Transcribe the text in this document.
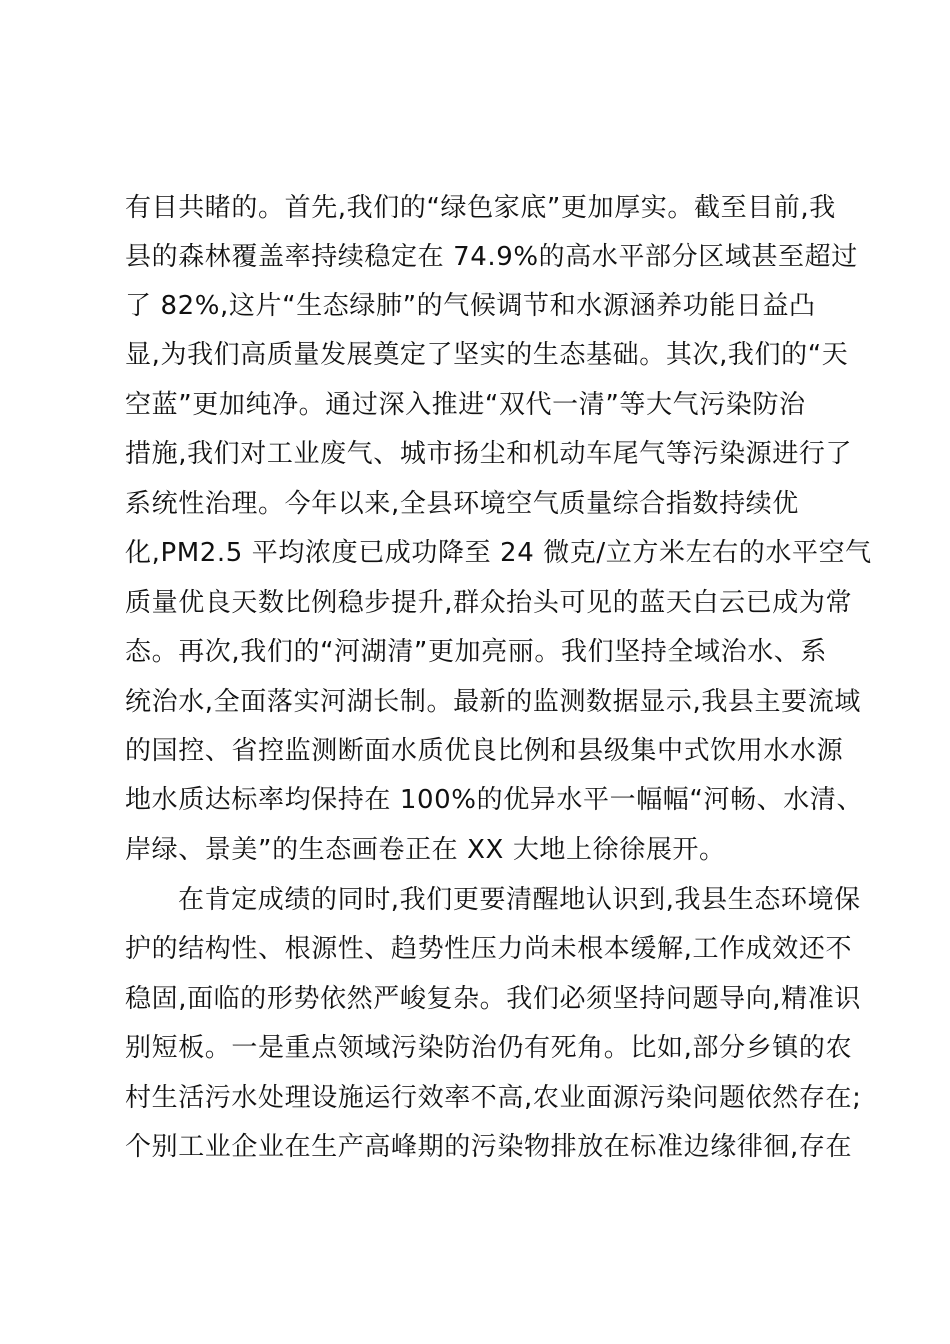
有目共睹的。首先,我们的“绿色家底”更加厚实。截至目前,我
县的森林覆盖率持续稳定在 74.9%的高水平部分区域甚至超过
了 82%,这片“生态绿肺”的气候调节和水源涵养功能日益凸
显,为我们高质量发展奠定了坚实的生态基础。其次,我们的“天
空蓝”更加纯净。通过深入推进“双代一清”等大气污染防治
措施,我们对工业废气、城市扬尘和机动车尾气等污染源进行了
系统性治理。今年以来,全县环境空气质量综合指数持续优
化,PM2.5 平均浓度已成功降至 24 微克/立方米左右的水平空气
质量优良天数比例稳步提升,群众抬头可见的蓝天白云已成为常
态。再次,我们的“河湖清”更加亮丽。我们坚持全域治水、系
统治水,全面落实河湖长制。最新的监测数据显示,我县主要流域
的国控、省控监测断面水质优良比例和县级集中式饮用水水源
地水质达标率均保持在 100%的优异水平一幅幅“河畅、水清、
岸绿、景美”的生态画卷正在 XX 大地上徐徐展开。
在肯定成绩的同时,我们更要清醒地认识到,我县生态环境保
护的结构性、根源性、趋势性压力尚未根本缓解,工作成效还不
稳固,面临的形势依然严峻复杂。我们必须坚持问题导向,精准识
别短板。一是重点领域污染防治仍有死角。比如,部分乡镇的农
村生活污水处理设施运行效率不高,农业面源污染问题依然存在;
个别工业企业在生产高峰期的污染物排放在标准边缘徘徊,存在
